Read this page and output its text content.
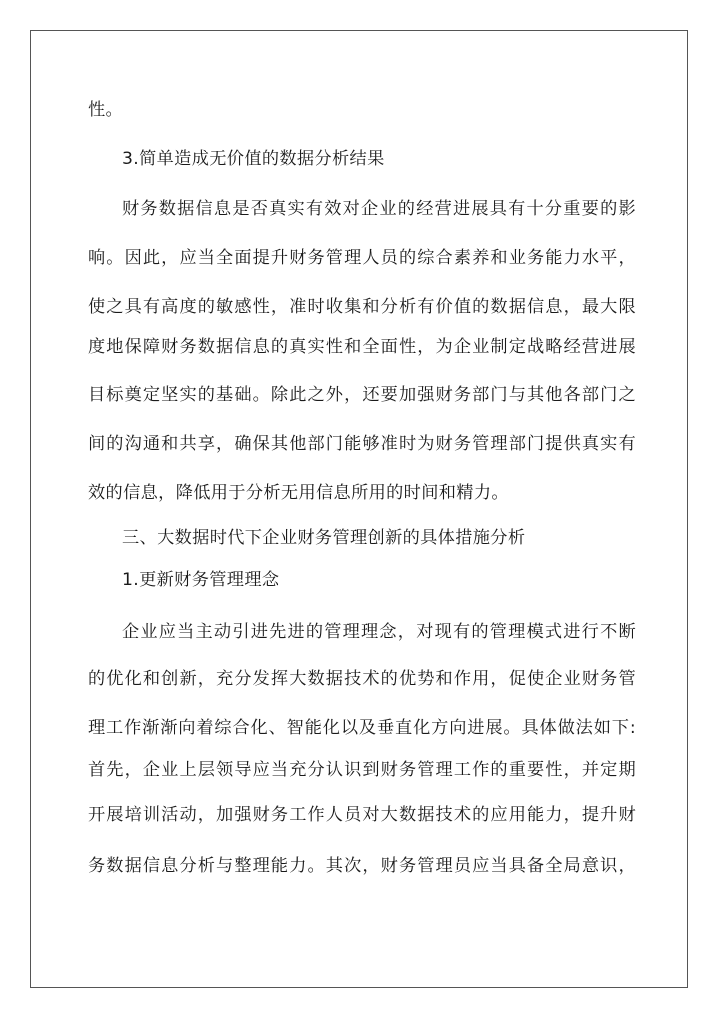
性。
3.简单造成无价值的数据分析结果
财务数据信息是否真实有效对企业的经营进展具有十分重要的影
响。因此，应当全面提升财务管理人员的综合素养和业务能力水平，
使之具有高度的敏感性，准时收集和分析有价值的数据信息，最大限
度地保障财务数据信息的真实性和全面性，为企业制定战略经营进展
目标奠定坚实的基础。除此之外，还要加强财务部门与其他各部门之
间的沟通和共享，确保其他部门能够准时为财务管理部门提供真实有
效的信息，降低用于分析无用信息所用的时间和精力。
三、大数据时代下企业财务管理创新的具体措施分析
1.更新财务管理理念
企业应当主动引进先进的管理理念，对现有的管理模式进行不断
的优化和创新，充分发挥大数据技术的优势和作用，促使企业财务管
理工作渐渐向着综合化、智能化以及垂直化方向进展。具体做法如下:
首先，企业上层领导应当充分认识到财务管理工作的重要性，并定期
开展培训活动，加强财务工作人员对大数据技术的应用能力，提升财
务数据信息分析与整理能力。其次，财务管理员应当具备全局意识，
